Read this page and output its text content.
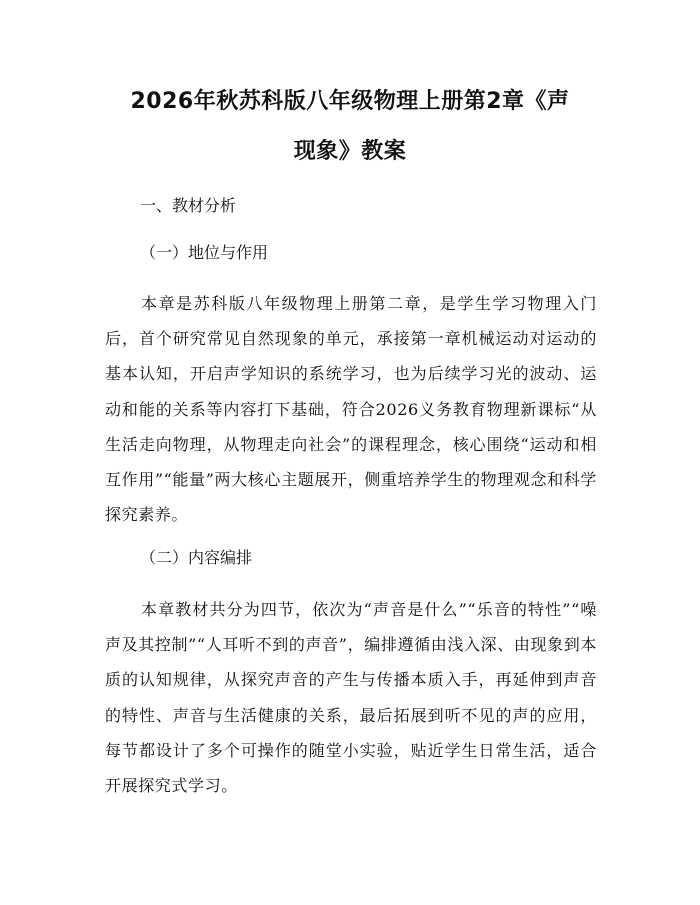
2026年秋苏科版八年级物理上册第2章《声
现象》教案

一、教材分析

（一）地位与作用

本章是苏科版八年级物理上册第二章，是学生学习物理入门后，首个研究常见自然现象的单元，承接第一章机械运动对运动的基本认知，开启声学知识的系统学习，也为后续学习光的波动、运动和能的关系等内容打下基础，符合2026义务教育物理新课标“从生活走向物理，从物理走向社会”的课程理念，核心围绕“运动和相互作用”“能量”两大核心主题展开，侧重培养学生的物理观念和科学探究素养。

（二）内容编排

本章教材共分为四节，依次为“声音是什么”“乐音的特性”“噪声及其控制”“人耳听不到的声音”，编排遵循由浅入深、由现象到本质的认知规律，从探究声音的产生与传播本质入手，再延伸到声音的特性、声音与生活健康的关系，最后拓展到听不见的声的应用，每节都设计了多个可操作的随堂小实验，贴近学生日常生活，适合开展探究式学习。
